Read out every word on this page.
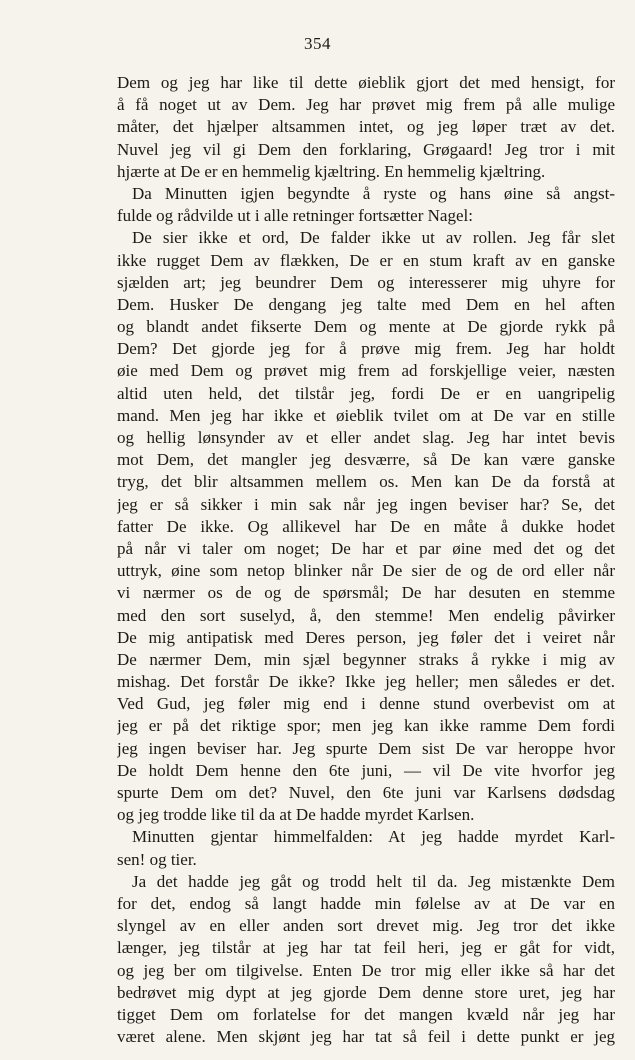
354
Dem og jeg har like til dette øieblik gjort det med hensigt, for
å få noget ut av Dem. Jeg har prøvet mig frem på alle mulige
måter, det hjælper altsammen intet, og jeg løper træt av det.
Nuvel jeg vil gi Dem den forklaring, Grøgaard! Jeg tror i mit
hjærte at De er en hemmelig kjæltring. En hemmelig kjæltring.
Da Minutten igjen begyndte å ryste og hans øine så angst-
fulde og rådvilde ut i alle retninger fortsætter Nagel:
De sier ikke et ord, De falder ikke ut av rollen. Jeg får slet
ikke rugget Dem av flækken, De er en stum kraft av en ganske
sjælden art; jeg beundrer Dem og interesserer mig uhyre for
Dem. Husker De dengang jeg talte med Dem en hel aften
og blandt andet fikserte Dem og mente at De gjorde rykk på
Dem? Det gjorde jeg for å prøve mig frem. Jeg har holdt
øie med Dem og prøvet mig frem ad forskjellige veier, næsten
altid uten held, det tilstår jeg, fordi De er en uangripelig
mand. Men jeg har ikke et øieblik tvilet om at De var en stille
og hellig lønsynder av et eller andet slag. Jeg har intet bevis
mot Dem, det mangler jeg desværre, så De kan være ganske
tryg, det blir altsammen mellem os. Men kan De da forstå at
jeg er så sikker i min sak når jeg ingen beviser har? Se, det
fatter De ikke. Og allikevel har De en måte å dukke hodet
på når vi taler om noget; De har et par øine med det og det
uttryk, øine som netop blinker når De sier de og de ord eller når
vi nærmer os de og de spørsmål; De har desuten en stemme
med den sort suselyd, å, den stemme! Men endelig påvirker
De mig antipatisk med Deres person, jeg føler det i veiret når
De nærmer Dem, min sjæl begynner straks å rykke i mig av
mishag. Det forstår De ikke? Ikke jeg heller; men således er det.
Ved Gud, jeg føler mig end i denne stund overbevist om at
jeg er på det riktige spor; men jeg kan ikke ramme Dem fordi
jeg ingen beviser har. Jeg spurte Dem sist De var heroppe hvor
De holdt Dem henne den 6te juni, — vil De vite hvorfor jeg
spurte Dem om det? Nuvel, den 6te juni var Karlsens dødsdag
og jeg trodde like til da at De hadde myrdet Karlsen.
Minutten gjentar himmelfalden: At jeg hadde myrdet Karl-
sen! og tier.
Ja det hadde jeg gåt og trodd helt til da. Jeg mistænkte Dem
for det, endog så langt hadde min følelse av at De var en
slyngel av en eller anden sort drevet mig. Jeg tror det ikke
længer, jeg tilstår at jeg har tat feil heri, jeg er gåt for vidt,
og jeg ber om tilgivelse. Enten De tror mig eller ikke så har det
bedrøvet mig dypt at jeg gjorde Dem denne store uret, jeg har
tigget Dem om forlatelse for det mangen kvæld når jeg har
været alene. Men skjønt jeg har tat så feil i dette punkt er jeg
